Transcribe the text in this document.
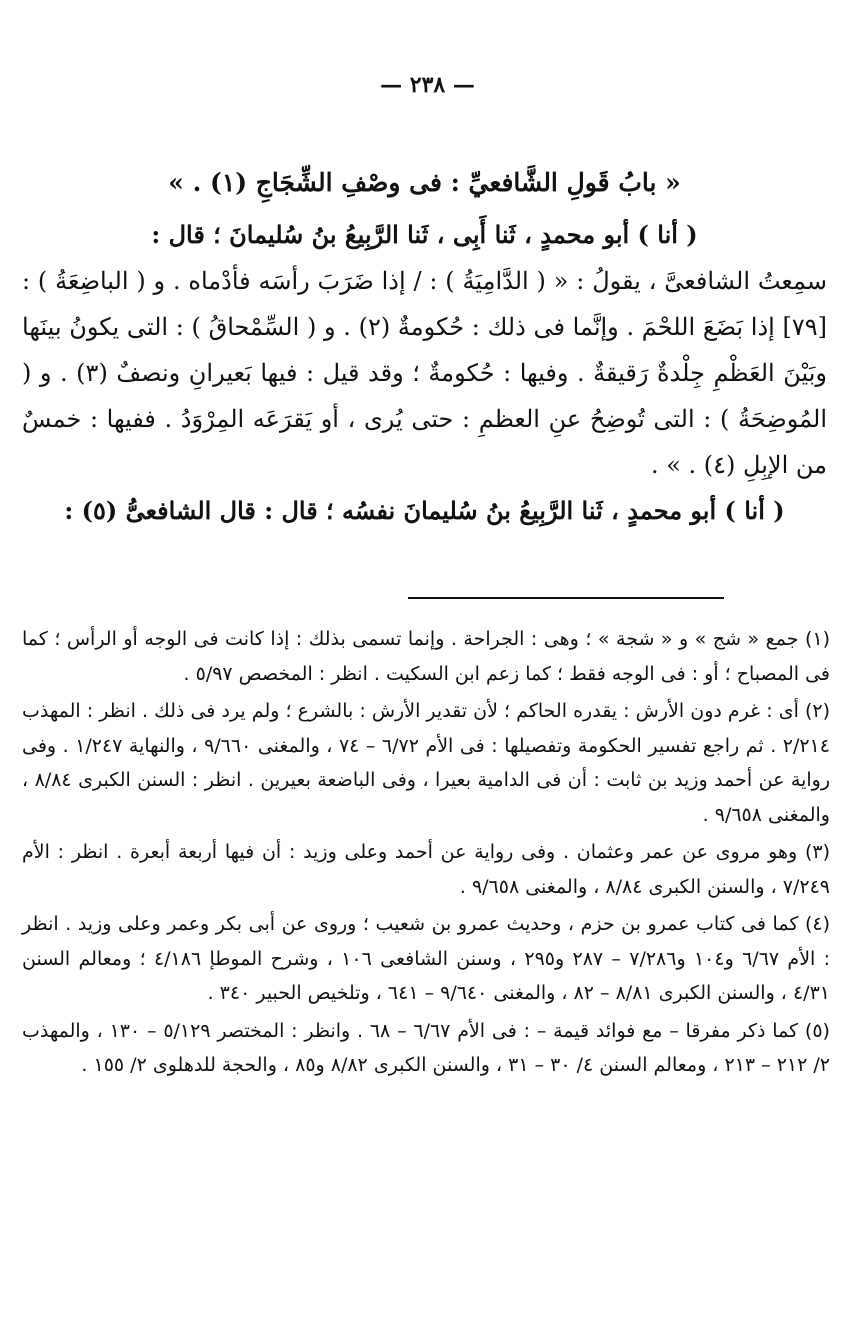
— ٢٣٨ —

« بابُ قَولِ الشَّافعيِّ : فى وصْفِ الشِّجَاجِ (١) . »

( أنا ) أبو محمدٍ ، ثَنا أَبِى ، ثَنا الرَّبِيعُ بنُ سُليمانَ ؛ قال :

سمِعتُ الشافعىَّ ، يقولُ : « ( الدَّامِيَةُ ) : / إذا ضَرَبَ رأسَه فأدْماه . و ( الباضِعَةُ ) : [٧٩] إذا بَضَعَ اللحْمَ . وإنَّما فى ذلك : حُكومةٌ (٢) . و ( السِّمْحاقُ ) : التى يكونُ بينَها وبَيْنَ العَظْمِ جِلْدةٌ رَقيقةٌ . وفيها : حُكومةٌ ؛ وقد قيل : فيها بَعيرانِ ونصفٌ (٣) . و ( المُوضِحَةُ ) : التى تُوضِحُ عنِ العظمِ : حتى يُرى ، أو يَقرَعَه المِرْوَدُ . ففيها : خمسٌ من الإبِلِ (٤) . » .

( أنا ) أبو محمدٍ ، ثَنا الرَّبِيعُ بنُ سُليمانَ نفسُه ؛ قال : قال الشافعىُّ (٥) :

(١) جمع « شج » و « شجة » ؛ وهى : الجراحة . وإنما تسمى بذلك : إذا كانت فى الوجه أو الرأس ؛ كما فى المصباح ؛ أو : فى الوجه فقط ؛ كما زعم ابن السكيت . انظر : المخصص ٥/٩٧ .

(٢) أى : غرم دون الأرش : يقدره الحاكم ؛ لأن تقدير الأرش : بالشرع ؛ ولم يرد فى ذلك . انظر : المهذب ٢/٢١٤ . ثم راجع تفسير الحكومة وتفصيلها : فى الأم ٦/٧٢ – ٧٤ ، والمغنى ٩/٦٦٠ ، والنهاية ١/٢٤٧ . وفى رواية عن أحمد وزيد بن ثابت : أن فى الدامية بعيرا ، وفى الباضعة بعيرين . انظر : السنن الكبرى ٨/٨٤ ، والمغنى ٩/٦٥٨ .

(٣) وهو مروى عن عمر وعثمان . وفى رواية عن أحمد وعلى وزيد : أن فيها أربعة أبعرة . انظر : الأم ٧/٢٤٩ ، والسنن الكبرى ٨/٨٤ ، والمغنى ٩/٦٥٨ .

(٤) كما فى كتاب عمرو بن حزم ، وحديث عمرو بن شعيب ؛ وروى عن أبى بكر وعمر وعلى وزيد . انظر : الأم ٦/٦٧ و١٠٤ و٧/٢٨٦ – ٢٨٧ و٢٩٥ ، وسنن الشافعى ١٠٦ ، وشرح الموطإ ٤/١٨٦ ؛ ومعالم السنن ٤/٣١ ، والسنن الكبرى ٨/٨١ – ٨٢ ، والمغنى ٩/٦٤٠ – ٦٤١ ، وتلخيص الحبير ٣٤٠ .

(٥) كما ذكر مفرقا – مع فوائد قيمة – : فى الأم ٦/٦٧ – ٦٨ . وانظر : المختصر ٥/١٢٩ – ١٣٠ ، والمهذب ٢/ ٢١٢ – ٢١٣ ، ومعالم السنن ٤/ ٣٠ – ٣١ ، والسنن الكبرى ٨/٨٢ و٨٥ ، والحجة للدهلوى ٢/ ١٥٥ .
